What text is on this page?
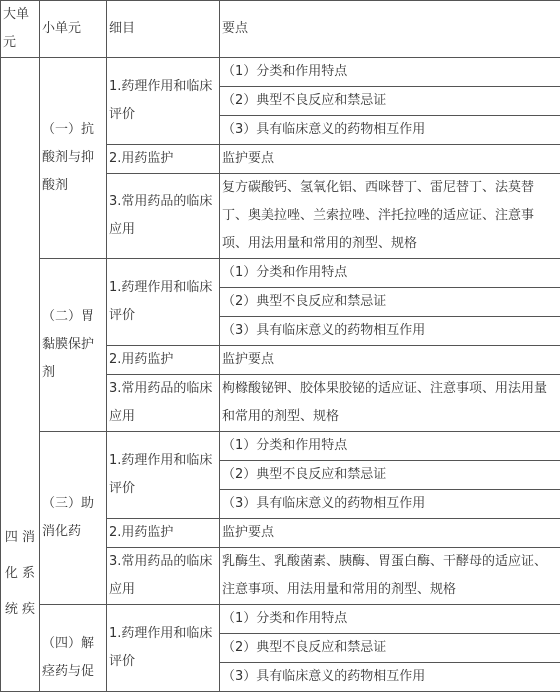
大单元	小单元	细目	要点

四 消 化 系 统 疾	（一）抗酸剂与抑酸剂	1.药理作用和临床评价	（1）分类和作用特点
			（2）典型不良反应和禁忌证
			（3）具有临床意义的药物相互作用
		2.用药监护	监护要点
		3.常用药品的临床应用	复方碳酸钙、氢氧化铝、西咪替丁、雷尼替丁、法莫替丁、奥美拉唑、兰索拉唑、泮托拉唑的适应证、注意事项、用法用量和常用的剂型、规格
	（二）胃黏膜保护剂	1.药理作用和临床评价	（1）分类和作用特点
			（2）典型不良反应和禁忌证
			（3）具有临床意义的药物相互作用
		2.用药监护	监护要点
		3.常用药品的临床应用	枸橼酸铋钾、胶体果胶铋的适应证、注意事项、用法用量和常用的剂型、规格
	（三）助消化药	1.药理作用和临床评价	（1）分类和作用特点
			（2）典型不良反应和禁忌证
			（3）具有临床意义的药物相互作用
		2.用药监护	监护要点
		3.常用药品的临床应用	乳酶生、乳酸菌素、胰酶、胃蛋白酶、干酵母的适应证、注意事项、用法用量和常用的剂型、规格
	（四）解痉药与促	1.药理作用和临床评价	（1）分类和作用特点
			（2）典型不良反应和禁忌证
			（3）具有临床意义的药物相互作用
